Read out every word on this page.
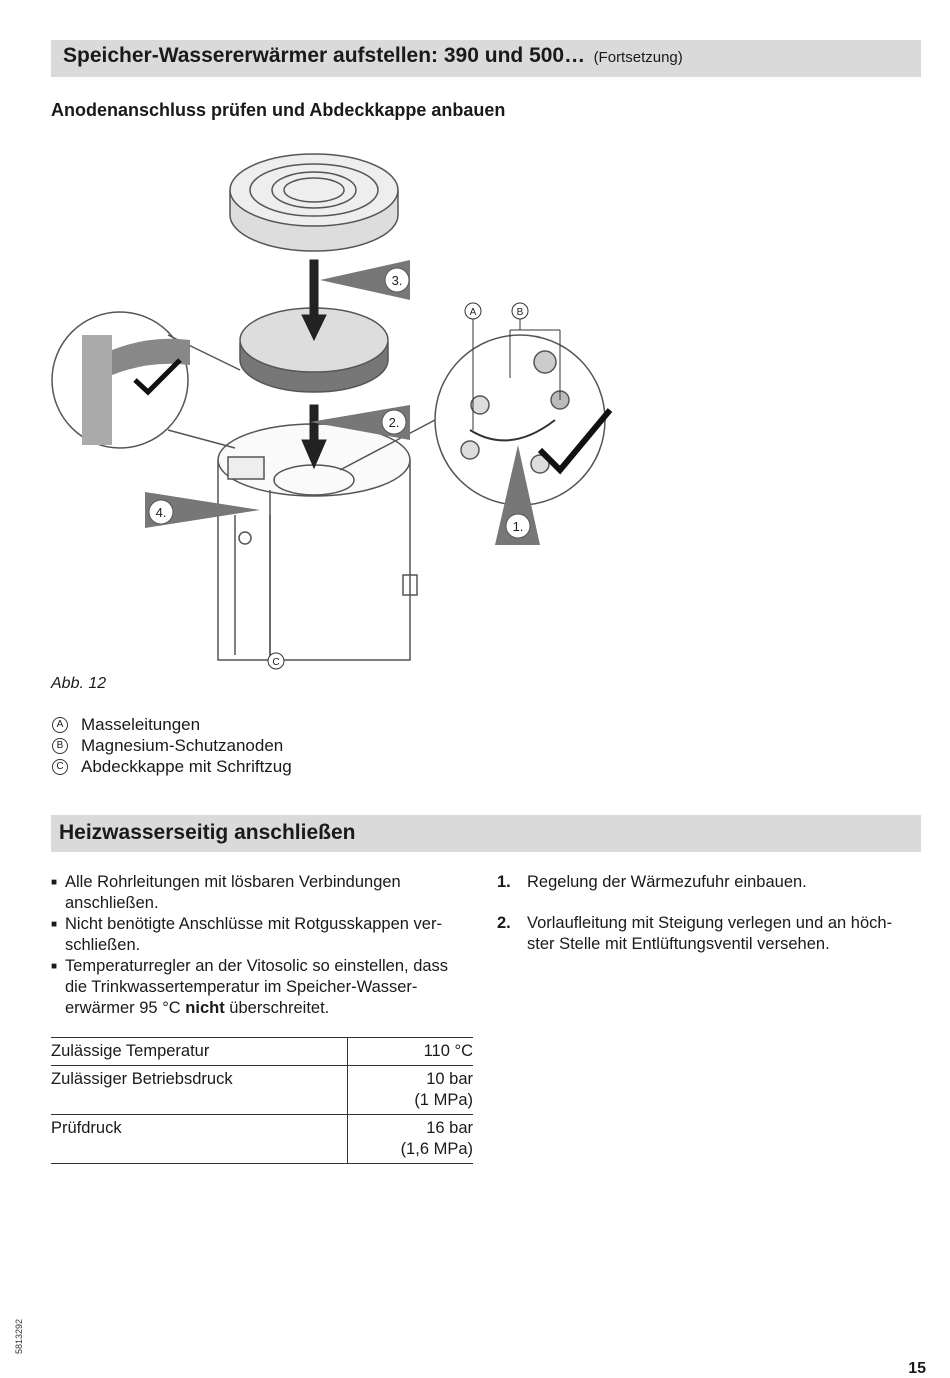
Speicher-Wassererwärmer aufstellen: 390 und 500… (Fortsetzung)
Anodenanschluss prüfen und Abdeckkappe anbauen
3.
2.
4.
1.
A	B
C
Abb. 12
A Masseleitungen
B Magnesium-Schutzanoden
C Abdeckkappe mit Schriftzug
Heizwasserseitig anschließen
■ Alle Rohrleitungen mit lösbaren Verbindungen anschließen.
■ Nicht benötigte Anschlüsse mit Rotgusskappen ver-schließen.
■ Temperaturregler an der Vitosolic so einstellen, dass die Trinkwassertemperatur im Speicher-Wasser-erwärmer 95 °C nicht überschreitet.
1. Regelung der Wärmezufuhr einbauen.
2. Vorlaufleitung mit Steigung verlegen und an höch-ster Stelle mit Entlüftungsventil versehen.
Zulässige Temperatur	110 °C
Zulässiger Betriebsdruck	10 bar
(1 MPa)
Prüfdruck	16 bar
(1,6 MPa)
5813292
15
